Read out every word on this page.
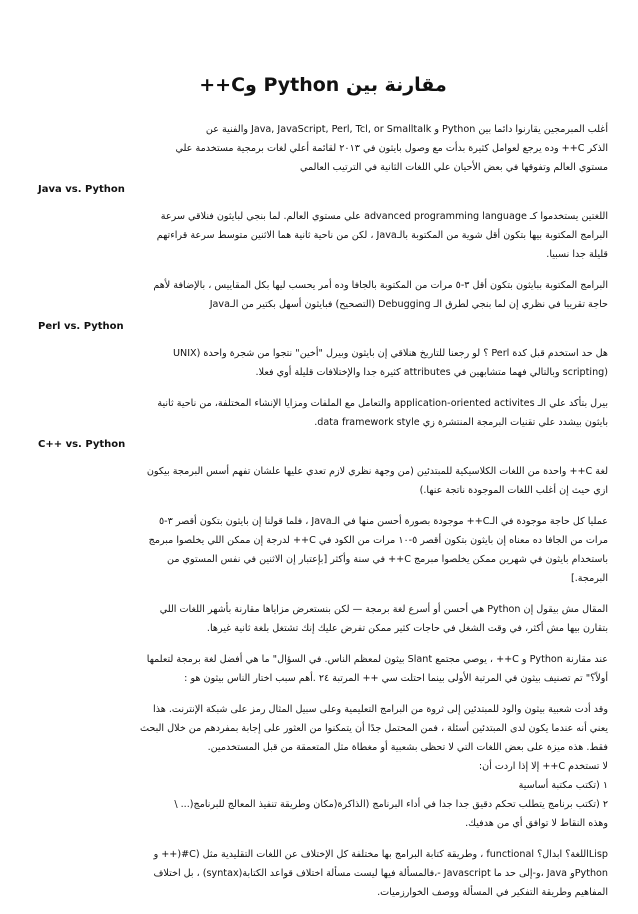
مقارنة بين Python وC++
أغلب المبرمجين يقارنوا دائما بين Python و Java, JavaScript, Perl, Tcl, or Smalltalk والفنية عن
الذكر C++ وده يرجع لعوامل كثيرة بدأت مع وصول بايثون في ٢٠١٣ لقائمة أعلي لغات برمجية مستخدمة علي
مستوي العالم وتفوقها في بعض الأحيان علي اللغات الثانية في الترتيب العالمي
Java vs. Python
اللغتين يستخدموا كـ advanced programming language علي مستوي العالم. لما بنجي لبايثون فنلاقي سرعة
البرامج المكتوبة بيها بتكون أقل شوية من المكتوبة بالـJava ، لكن من ناحية ثانية هما الاثنين متوسط سرعة قراءتهم
قليلة جدا نسبيا.
البرامج المكتوبة ببايثون بتكون أقل ٣-٥ مرات من المكتوبة بالجافا وده أمر يحسب ليها بكل المقاييس ، بالإضافة لأهم
حاجة تقريبا في نظري إن لما بنجي لطرق الـ Debugging (التصحيح) فبايثون أسهل بكتير من الـJava
Perl vs. Python
هل حد استخدم قبل كدة Perl ؟ لو رجعنا للتاريخ هنلاقي إن بايثون وبيرل "أخين" نتجوا من شجرة واحدة (UNIX
(scripting وبالتالي فهما متشابهين في attributes كثيرة جدا والإختلافات قليلة أوي فعلا.
بيرل بتأكد علي الـ application-oriented activites والتعامل مع الملفات ومزايا الإنشاء المختلفة، من ناحية ثانية
بايثون بيشدد علي تقنيات البرمجة المنتشرة زي data framework style.
C++ vs. Python
لغة C++ واحدة من اللغات الكلاسيكية للمبتدئين (من وجهة نظري لازم تعدي عليها علشان تفهم أسس البرمجة بيكون
ازي حيث إن أغلب اللغات الموجودة ناتجة عنها.)
عمليا كل حاجة موجودة في الـC++ موجودة بصورة أحسن منها في الـJava ، فلما قولنا إن بايثون بتكون أقصر ٣-٥
مرات من الجافا ده معناه إن بايثون بتكون أقصر ٥-١٠ مرات من الكود في C++ لدرجة إن ممكن اللي يخلصوا مبرمج
باستخدام بايثون في شهرين ممكن يخلصوا مبرمج C++ في سنة وأكثر [بإعتبار إن الاثنين في نفس المستوي من
البرمجة.]
المقال مش بيقول إن Python هي أحسن أو أسرع لغة برمجة — لكن بنستعرض مزاياها مقارنة بأشهر اللغات اللي
بتقارن بيها مش أكثر، في وقت الشغل في حاجات كثير ممكن تفرض عليك إنك تشتغل بلغة ثانية غيرها.
عند مقارنة Python و C++ ، يوصي مجتمع Slant بيثون لمعظم الناس. في السؤال" ما هي أفضل لغة برمجة لتعلمها
أولاً؟" تم تصنيف بيثون في المرتبة الأولى بينما احتلت سي ++ المرتبة ٢٤ .أهم سبب اختار الناس بيثون هو :
وقد أدت شعبية بيثون والود للمبتدئين إلى ثروة من البرامج التعليمية وعلى سبيل المثال رمز على شبكة الإنترنت. هذا
يعني أنه عندما يكون لدى المبتدئين أسئلة ، فمن المحتمل جدًا أن يتمكنوا من العثور على إجابة بمفردهم من خلال البحث
فقط. هذه ميزة على بعض اللغات التي لا تحظى بشعبية أو مغطاة مثل المتعمقة من قبل المستخدمين.
لا تستخدم C++ إلا إذا اردت أن:
١ (تكتب مكتبة أساسية
٢ (تكتب برنامج يتطلب تحكم دقيق جدا جدا في أداء البرنامج (الذاكرة(مكان وطريقة تنفيذ المعالج للبرنامج(... \
وهذه النقاط لا توافق أي من هدفيك.
Lispاللغة؟ ابدال؟ functional ، وطريقة كتابة البرامج بها مختلفة كل الإختلاف عن اللغات التقليدية مثل (C#(++ و
Pythonو Java ،و-إلى حد ما Javascript -،فالمسألة فيها ليست مسألة اختلاف قواعد الكتابة(syntax) ، بل اختلاف
المفاهيم وطريقة التفكير في المسألة ووصف الخوارزميات.
